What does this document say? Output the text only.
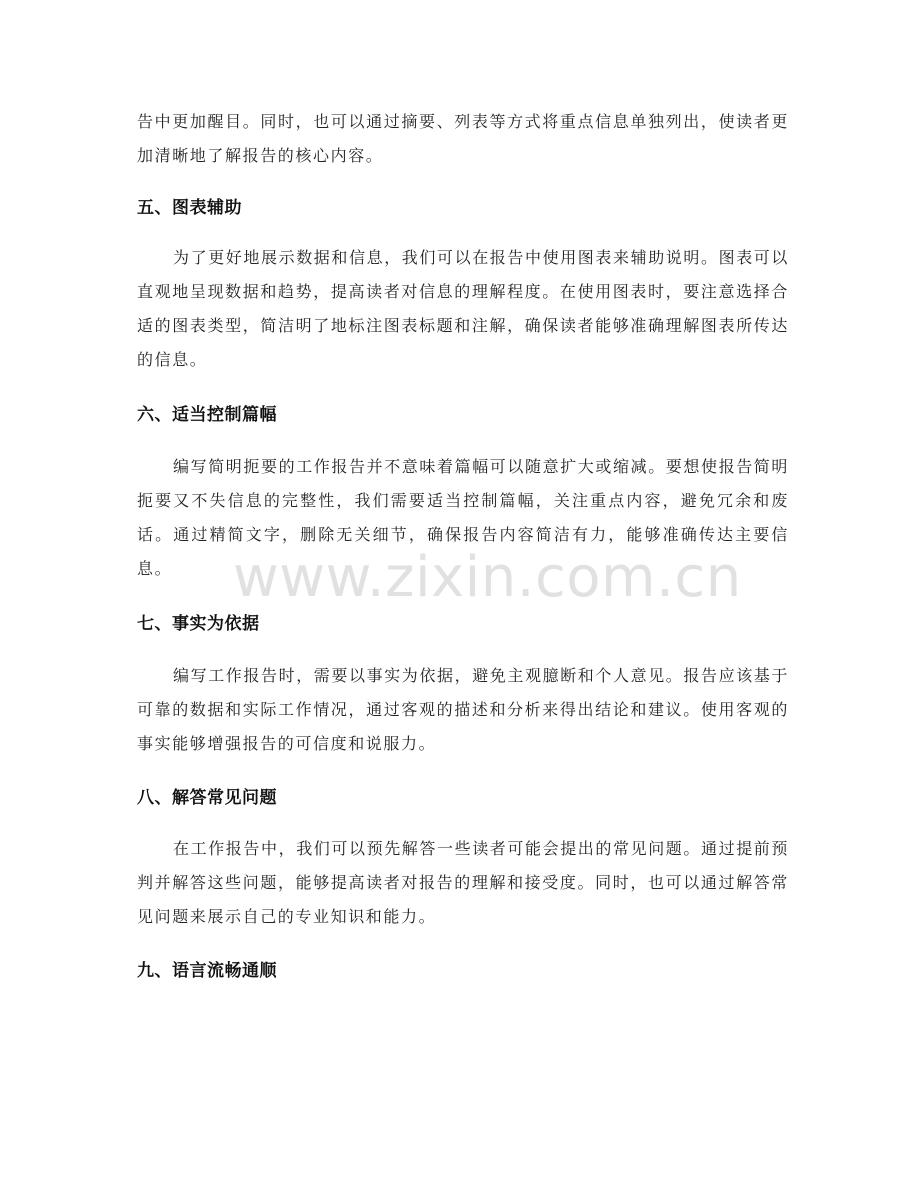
告中更加醒目。同时，也可以通过摘要、列表等方式将重点信息单独列出，使读者更加清晰地了解报告的核心内容。

五、图表辅助

为了更好地展示数据和信息，我们可以在报告中使用图表来辅助说明。图表可以直观地呈现数据和趋势，提高读者对信息的理解程度。在使用图表时，要注意选择合适的图表类型，简洁明了地标注图表标题和注解，确保读者能够准确理解图表所传达的信息。

六、适当控制篇幅

编写简明扼要的工作报告并不意味着篇幅可以随意扩大或缩减。要想使报告简明扼要又不失信息的完整性，我们需要适当控制篇幅，关注重点内容，避免冗余和废话。通过精简文字，删除无关细节，确保报告内容简洁有力，能够准确传达主要信息。

七、事实为依据

编写工作报告时，需要以事实为依据，避免主观臆断和个人意见。报告应该基于可靠的数据和实际工作情况，通过客观的描述和分析来得出结论和建议。使用客观的事实能够增强报告的可信度和说服力。

八、解答常见问题

在工作报告中，我们可以预先解答一些读者可能会提出的常见问题。通过提前预判并解答这些问题，能够提高读者对报告的理解和接受度。同时，也可以通过解答常见问题来展示自己的专业知识和能力。

九、语言流畅通顺
www.zixin.com.cn
